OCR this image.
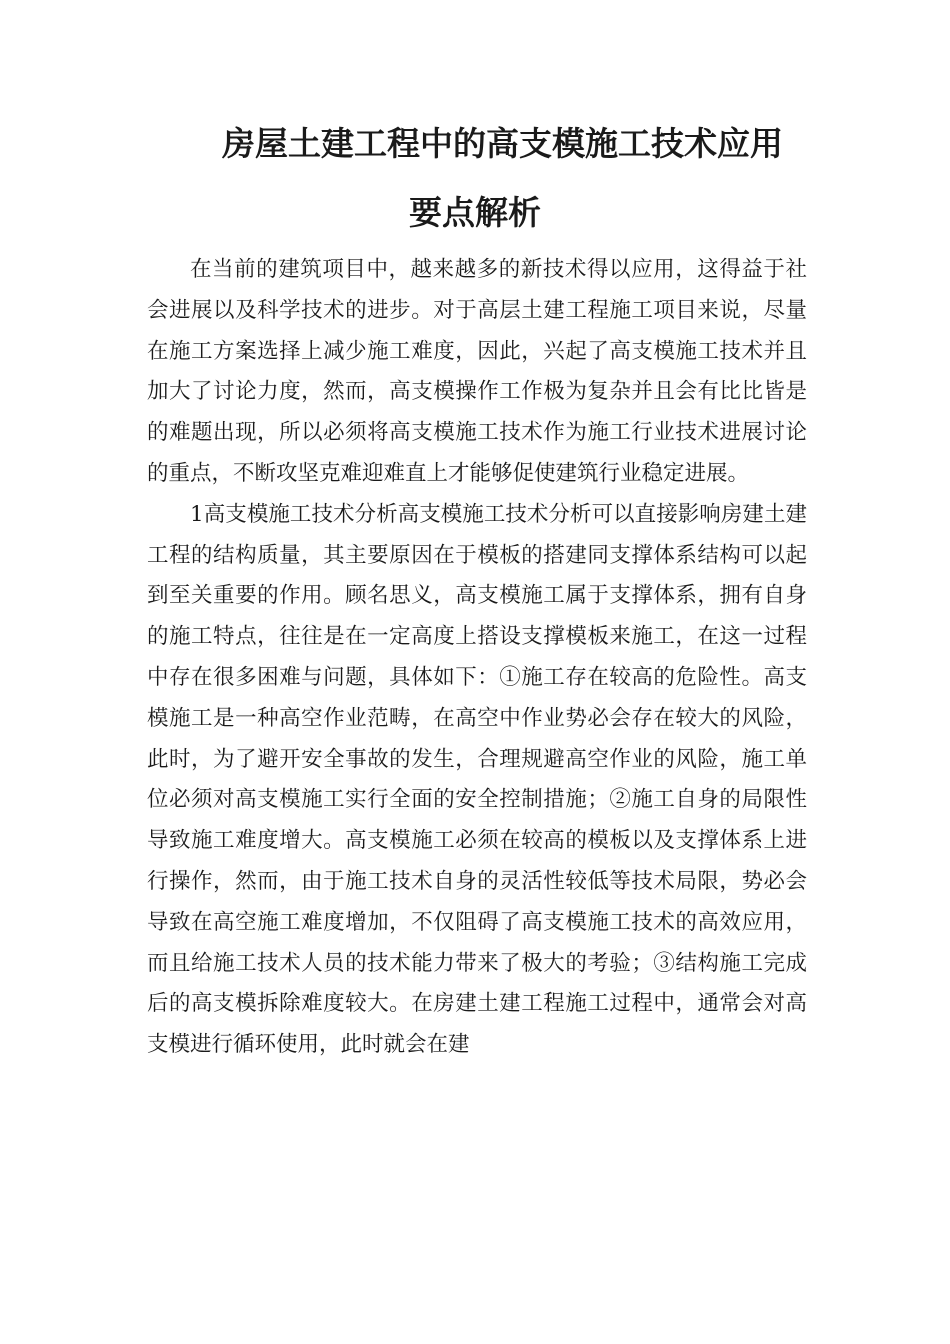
房屋土建工程中的高支模施工技术应用
要点解析

在当前的建筑项目中，越来越多的新技术得以应用，这得益于社会进展以及科学技术的进步。对于高层土建工程施工项目来说，尽量在施工方案选择上减少施工难度，因此，兴起了高支模施工技术并且加大了讨论力度，然而，高支模操作工作极为复杂并且会有比比皆是的难题出现，所以必须将高支模施工技术作为施工行业技术进展讨论的重点，不断攻坚克难迎难直上才能够促使建筑行业稳定进展。

1高支模施工技术分析高支模施工技术分析可以直接影响房建土建工程的结构质量，其主要原因在于模板的搭建同支撑体系结构可以起到至关重要的作用。顾名思义，高支模施工属于支撑体系，拥有自身的施工特点，往往是在一定高度上搭设支撑模板来施工，在这一过程中存在很多困难与问题，具体如下：①施工存在较高的危险性。高支模施工是一种高空作业范畴，在高空中作业势必会存在较大的风险，此时，为了避开安全事故的发生，合理规避高空作业的风险，施工单位必须对高支模施工实行全面的安全控制措施；②施工自身的局限性导致施工难度增大。高支模施工必须在较高的模板以及支撑体系上进行操作，然而，由于施工技术自身的灵活性较低等技术局限，势必会导致在高空施工难度增加，不仅阻碍了高支模施工技术的高效应用，而且给施工技术人员的技术能力带来了极大的考验；③结构施工完成后的高支模拆除难度较大。在房建土建工程施工过程中，通常会对高支模进行循环使用，此时就会在建
